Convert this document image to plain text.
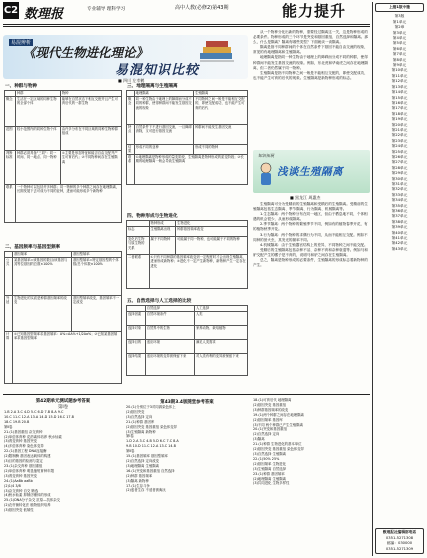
C2 数理报	专业辅导 理科学习	高中人教(必修2)第43期	能力提升
易混辨析
《现代生物进化理论》
易混知识比较
■ 四川 左幸鹤
一、种群与物种
	种群	物种
概念	生活在一定区域的同种生物的全部个体	能够在自然状态下相互交配并且产生可育后代的一群生物
范围	较小范围内的同种生物个体	由许多分布在不同区域的同种生物种群组成
判断标准	种群必须具备"三同"：同一时间、同一地点、同一物种	①主要是形态特征和能否自由交配并产生可育后代；②不同物种间存在生殖隔离
联系	一个物种可以包括许多种群；同一物种的多个种群之间存在地理隔离，长期发展下去可成为不同的亚种，进而可能形成多个新物种	
二、基因频率与基因型频率
	基因频率	基因型频率
公式	某基因频率=该基因的数目/该基因与其等位基因的总数×100%	基因型频率=特定基因型的个体数/总个体数×100%
外延	生物进化的实质是种群基因频率的改变	基因型频率改变，基因频率不一定改变
计算	①已知基因型频率求基因频率：A%=AA%+1/2Aa%；②已知某基因频率求基因型频率	
三、地理隔离与生殖隔离
	地理隔离	生殖隔离
概念	同一种生物由于地理上的障碍而分成不同的种群，使得种群间不能发生基因交流的现象	不同物种之间一般是不能相互交配的，即使交配成功，也不能产生可育的后代
特点	自然条件下不进行基因交流，一旦障碍消除，又可进行基因交流	种群间不能发生基因交流
结果	形成不同的亚种	形成不同的物种
联系	①地理隔离是物种形成的量变阶段，生殖隔离是物种形成的质变阶段；②长期的地理隔离一般会导致生殖隔离	
四、物种形成与生物进化
	物种形成	生物进化
标志	生殖隔离出现	种群基因频率改变
变化后生物与原生物的关系	属于不同物种	可能属于同一物种，也可能属于不同的物种
二者联系	①只有不同种群的基因频率改变到一定程度时才会出现生殖隔离，进而形成新物种；②进化不一定产生新物种，新物种产生一定存在进化	
五、自然选择与人工选择的比较
	自然选择	人工选择
选择因素	自然环境条件	人类
选择对象	自然界中的生物	家养动物、栽培植物
选择目的	适应环境	满足人类需求
选择结果	适应环境的变异被保留下来	对人类有利的变异被保留下来
从一个物种分化出新的物种，需要经过隔离这一关，这是物种形成的必要条件。物种形成的三个环节是突变和基因重组、自然选择和隔离。那么，什么是隔离？隔离有哪些类型？下面就谈一谈隔离。
隔离是指不同种群间的个体在自然条件下基因不能自由交流的现象，常见的有地理隔离和生殖隔离。
地理隔离是指同一种生物由于地理上的障碍而分成不同的种群，使得种群间不能发生基因交流的现象。例如，东北虎和华南虎之间存在地理隔离，但二者仍然属于同一物种。
生殖隔离是指不同物种之间一般是不能相互交配的，即使交配成功，也不能产生可育的后代的现象。生殖隔离是新物种形成的标志。
知识拓展
浅谈生殖隔离
■ 黑龙江 周惠杰
生殖隔离可分为受精前的生殖隔离和受精后的生殖隔离。受精前的生殖隔离包括生态隔离、季节隔离、行为隔离、机械隔离等。
1.生态隔离：两个物种分布在同一地区，但由于栖息地不同，个体相遇的机会很少，从而形成隔离。
2.季节隔离：两个物种的繁殖季节不同，例如有的植物春季开花，有的植物秋季开花。
3.行为隔离：两个物种的求偶行为不同，从而不能相互交配。例如不同种的萤火虫，其发光的频率不同。
4.机械隔离：由于生殖器官结构上的差异，不同物种之间不能交配。
受精后的生殖隔离包括杂种不活、杂种不育和杂种衰退等。例如马和驴交配产生的骡子是不育的，说明马和驴之间存在生殖隔离。
总之，隔离是物种形成的必要条件，生殖隔离的形成标志着新物种的产生。
第42期单元测试题参考答案
第Ⅰ卷
1.B 2.A 3.C 4.D 5.C 6.D 7.B 8.A 9.C
10.C 11.C 12.A 13.A 14.D 15.D 16.C 17.B
18.C 19.B 20.B
第Ⅱ卷
21.(1)基因重组 杂交育种
(2)单倍体育种 花药离体培养 秋水仙素
(3)诱变育种 基因突变
(4)多倍体育种 染色体变异
22.(1)基因工程 DNA连接酶
(2)限制酶 基因表达载体的构建
(3)目的基因的检测与鉴定
23.(1)杂交育种 基因重组
(2)单倍体育种 明显缩短育种年限
(3)诱变育种 基因突变
24.(1)AaBb aaBb
(2)1/4 3/8
(3)杂交育种 自交 筛选
(4)秋水仙素 抑制纺锤体的形成
25.(1)DNA分子杂交 抗原—抗体杂交
(2)农杆菌转化法 植物组织培养
(3)基因突变 低频性
第43期3.4版随堂参考答案
20.(1)分别位于3对同源染色体上
(2)基因突变
(3)自然选择 定向
21.(1)种群 基因库
(2)基因突变 基因重组 染色体变异
(3)生殖隔离 新物种
第Ⅰ卷
1.D 2.A 3.C 4.B 5.D 6.C 7.C 8.A
9.B 10.D 11.C 12.A 13.C 14.B
第Ⅱ卷
15.(1)基因频率 基因型频率
(2)自然选择 定向改变
(3)地理隔离 生殖隔离
16.(1)突变和基因重组 自然选择
(2)种群 基因频率
(3)隔离 新物种
17.(1)生存斗争
(2)适者生存 不适者被淘汰
18.(1)可育后代 地理隔离
(2)基因突变 基因重组
(3)种群基因频率的改变
19.(1)两个种群之间存在地理隔离
(2)基因频率 基因库
(3)不同 两个种群已产生生殖隔离
20.(1)突变和基因重组
(2)自然选择 定向
(3)隔离
21.(1)种群 生物进化的基本单位
(2)基因突变 基因重组 染色体变异
(3)自然选择 生殖隔离
22.(1)50% 25%
(2)基因频率 生物进化
(3)生殖隔离 自然选择
23.(1)种群 基因频率
(2)地理隔离 生殖隔离
(3)共同进化 生物多样性
上接1版中缝
第3版
第1单元
第2章
第3单元
第4单元
第5单元
第6单元
第7单元
第8单元
第9单元
第10单元
第11单元
第12单元
第13单元
第14单元
第15单元
第16单元
第17单元
第18单元
第19单元
第20单元
第21单元
第22单元
第23单元
第24单元
第25单元
第26单元
第27单元
第28单元
第29单元
第30单元
第31单元
第32单元
第33单元
第34单元
第35单元
第36单元
第37单元
第38单元
第39单元
第40单元
第41单元
第42单元
第43单元
数理报社编辑部电话
0351-5271308
邮编：030000
0351-5271309
